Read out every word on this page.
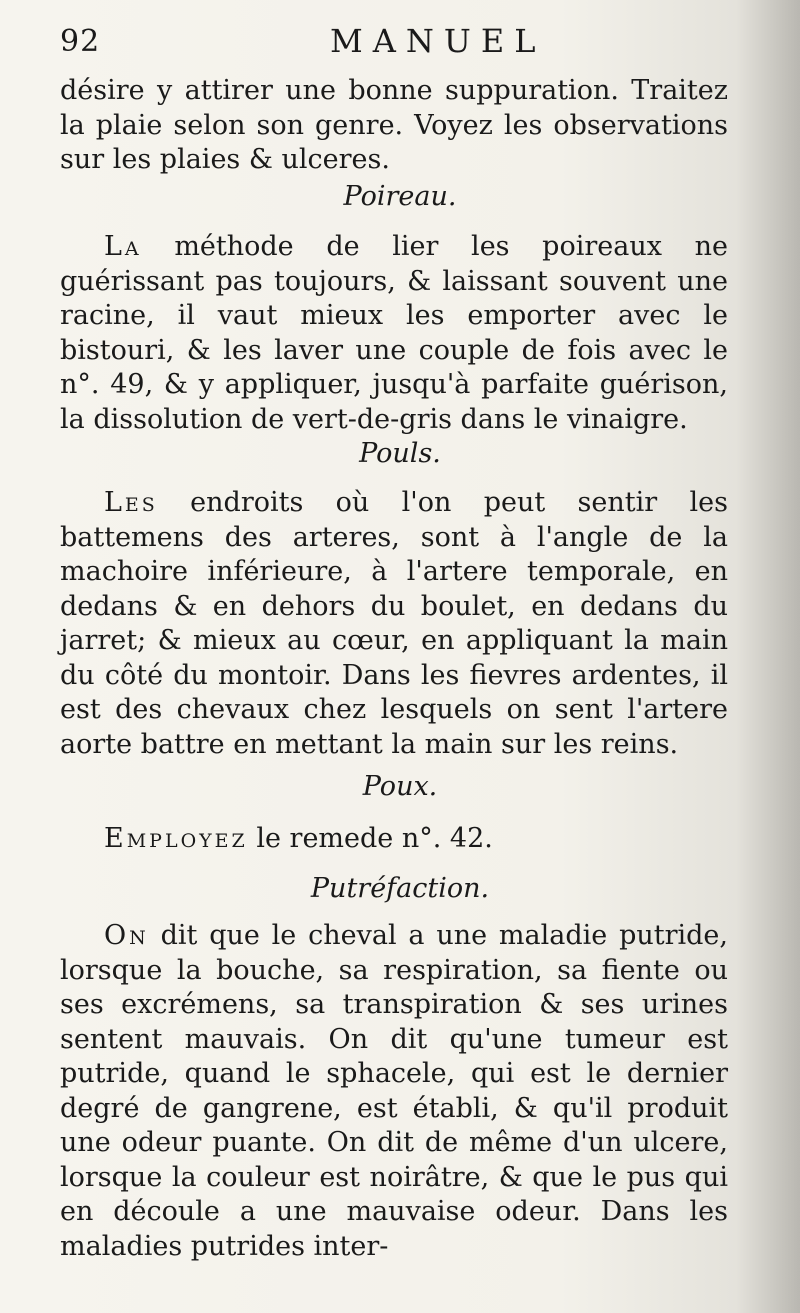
92	MANUEL

désire y attirer une bonne suppuration. Traitez la plaie selon son genre. Voyez les observations sur les plaies & ulceres.

Poireau.

La méthode de lier les poireaux ne guérissant pas toujours, & laissant souvent une racine, il vaut mieux les emporter avec le bistouri, & les laver une couple de fois avec le n°. 49, & y appliquer, jusqu'à parfaite guérison, la dissolution de vert-de-gris dans le vinaigre.

Pouls.

Les endroits où l'on peut sentir les battemens des arteres, sont à l'angle de la machoire inférieure, à l'artere temporale, en dedans & en dehors du boulet, en dedans du jarret; & mieux au cœur, en appliquant la main du côté du montoir. Dans les fievres ardentes, il est des chevaux chez lesquels on sent l'artere aorte battre en mettant la main sur les reins.

Poux.

Employez le remede n°. 42.

Putréfaction.

On dit que le cheval a une maladie putride, lorsque la bouche, sa respiration, sa fiente ou ses excrémens, sa transpiration & ses urines sentent mauvais. On dit qu'une tumeur est putride, quand le sphacele, qui est le dernier degré de gangrene, est établi, & qu'il produit une odeur puante. On dit de même d'un ulcere, lorsque la couleur est noirâtre, & que le pus qui en découle a une mauvaise odeur. Dans les maladies putrides inter-
